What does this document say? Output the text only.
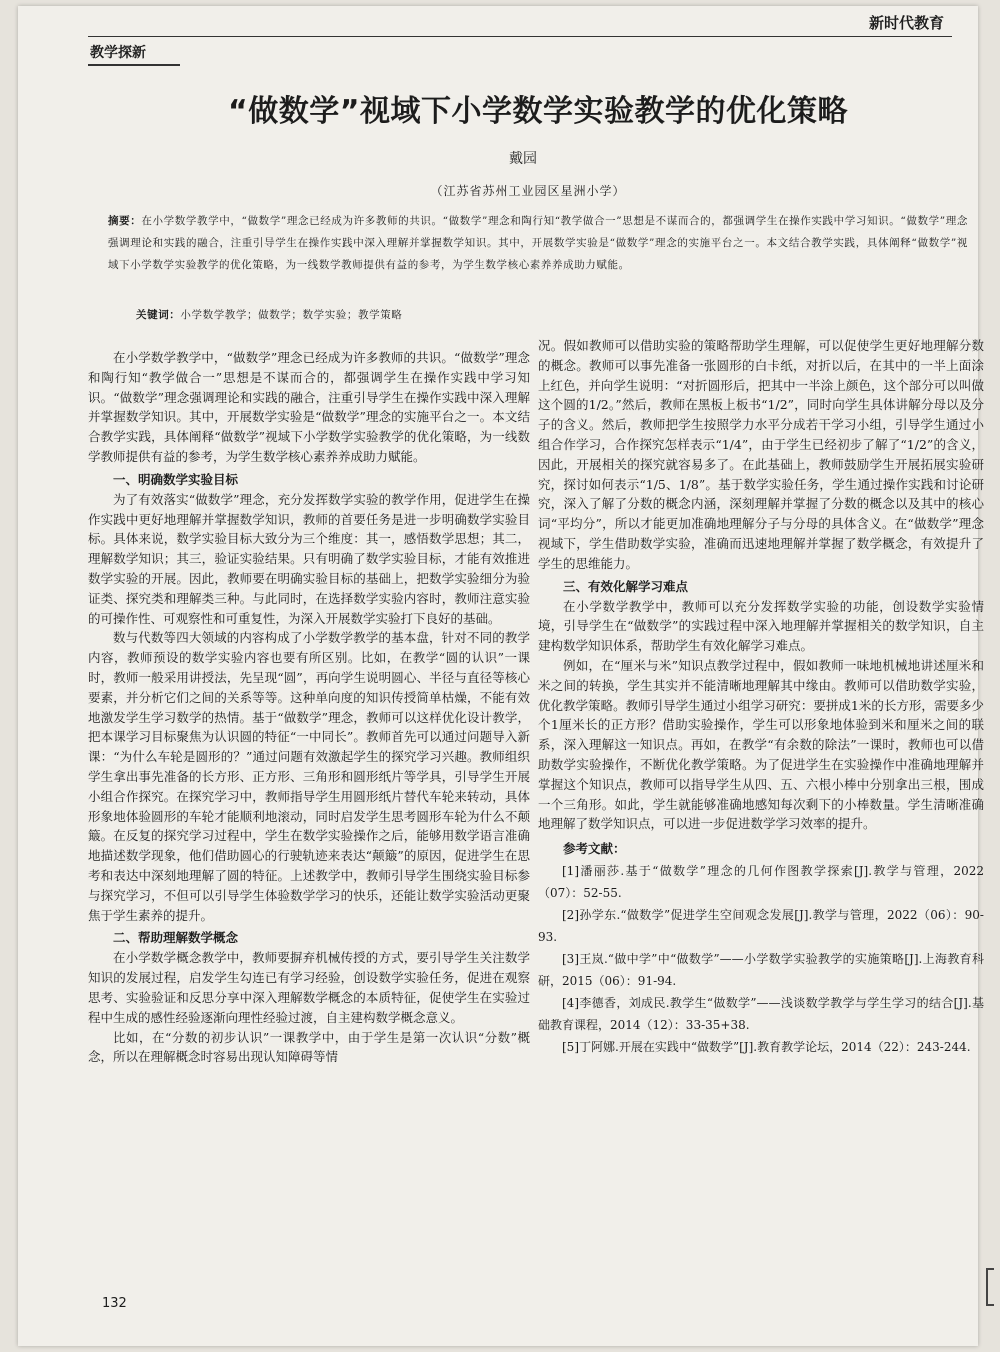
新时代教育
教学探新
“做数学”视域下小学数学实验教学的优化策略
戴园
（江苏省苏州工业园区星洲小学）
摘要：在小学数学教学中，“做数学”理念已经成为许多教师的共识。“做数学”理念和陶行知“教学做合一”思想是不谋而合的，都强调学生在操作实践中学习知识。“做数学”理念强调理论和实践的融合，注重引导学生在操作实践中深入理解并掌握数学知识。其中，开展数学实验是“做数学”理念的实施平台之一。本文结合教学实践，具体阐释“做数学”视域下小学数学实验教学的优化策略，为一线数学教师提供有益的参考，为学生数学核心素养养成助力赋能。
关键词：小学数学教学；做数学；数学实验；教学策略

在小学数学教学中，“做数学”理念已经成为许多教师的共识。“做数学”理念和陶行知“教学做合一”思想是不谋而合的，都强调学生在操作实践中学习知识。“做数学”理念强调理论和实践的融合，注重引导学生在操作实践中深入理解并掌握数学知识。其中，开展数学实验是“做数学”理念的实施平台之一。本文结合教学实践，具体阐释“做数学”视域下小学数学实验教学的优化策略，为一线数学教师提供有益的参考，为学生数学核心素养养成助力赋能。

一、明确数学实验目标

为了有效落实“做数学”理念，充分发挥数学实验的教学作用，促进学生在操作实践中更好地理解并掌握数学知识，教师的首要任务是进一步明确数学实验目标。具体来说，数学实验目标大致分为三个维度：其一，感悟数学思想；其二，理解数学知识；其三，验证实验结果。只有明确了数学实验目标，才能有效推进数学实验的开展。因此，教师要在明确实验目标的基础上，把数学实验细分为验证类、探究类和理解类三种。与此同时，在选择数学实验内容时，教师注意实验的可操作性、可观察性和可重复性，为深入开展数学实验打下良好的基础。

数与代数等四大领域的内容构成了小学数学教学的基本盘，针对不同的教学内容，教师预设的数学实验内容也要有所区别。比如，在教学“圆的认识”一课时，教师一般采用讲授法，先呈现“圆”，再向学生说明圆心、半径与直径等核心要素，并分析它们之间的关系等等。这种单向度的知识传授简单枯燥，不能有效地激发学生学习数学的热情。基于“做数学”理念，教师可以这样优化设计教学，把本课学习目标聚焦为认识圆的特征“一中同长”。教师首先可以通过问题导入新课：“为什么车轮是圆形的？”通过问题有效激起学生的探究学习兴趣。教师组织学生拿出事先准备的长方形、正方形、三角形和圆形纸片等学具，引导学生开展小组合作探究。在探究学习中，教师指导学生用圆形纸片替代车轮来转动，具体形象地体验圆形的车轮才能顺利地滚动，同时启发学生思考圆形车轮为什么不颠簸。在反复的探究学习过程中，学生在数学实验操作之后，能够用数学语言准确地描述数学现象，他们借助圆心的行驶轨迹来表达“颠簸”的原因，促进学生在思考和表达中深刻地理解了圆的特征。上述教学中，教师引导学生围绕实验目标参与探究学习，不但可以引导学生体验数学学习的快乐，还能让数学实验活动更聚焦于学生素养的提升。

二、帮助理解数学概念

在小学数学概念教学中，教师要摒弃机械传授的方式，要引导学生关注数学知识的发展过程，启发学生勾连已有学习经验，创设数学实验任务，促进在观察思考、实验验证和反思分享中深入理解数学概念的本质特征，促使学生在实验过程中生成的感性经验逐渐向理性经验过渡，自主建构数学概念意义。

比如，在“分数的初步认识”一课教学中，由于学生是第一次认识“分数”概念，所以在理解概念时容易出现认知障碍等情

况。假如教师可以借助实验的策略帮助学生理解，可以促使学生更好地理解分数的概念。教师可以事先准备一张圆形的白卡纸，对折以后，在其中的一半上面涂上红色，并向学生说明：“对折圆形后，把其中一半涂上颜色，这个部分可以叫做这个圆的1/2。”然后，教师在黑板上板书“1/2”，同时向学生具体讲解分母以及分子的含义。然后，教师把学生按照学力水平分成若干学习小组，引导学生通过小组合作学习，合作探究怎样表示“1/4”，由于学生已经初步了解了“1/2”的含义，因此，开展相关的探究就容易多了。在此基础上，教师鼓励学生开展拓展实验研究，探讨如何表示“1/5、1/8”。基于数学实验任务，学生通过操作实践和讨论研究，深入了解了分数的概念内涵，深刻理解并掌握了分数的概念以及其中的核心词“平均分”，所以才能更加准确地理解分子与分母的具体含义。在“做数学”理念视域下，学生借助数学实验，准确而迅速地理解并掌握了数学概念，有效提升了学生的思维能力。

三、有效化解学习难点

在小学数学教学中，教师可以充分发挥数学实验的功能，创设数学实验情境，引导学生在“做数学”的实践过程中深入地理解并掌握相关的数学知识，自主建构数学知识体系，帮助学生有效化解学习难点。

例如，在“厘米与米”知识点教学过程中，假如教师一味地机械地讲述厘米和米之间的转换，学生其实并不能清晰地理解其中缘由。教师可以借助数学实验，优化教学策略。教师引导学生通过小组学习研究：要拼成1米的长方形，需要多少个1厘米长的正方形？借助实验操作，学生可以形象地体验到米和厘米之间的联系，深入理解这一知识点。再如，在教学“有余数的除法”一课时，教师也可以借助数学实验操作，不断优化教学策略。为了促进学生在实验操作中准确地理解并掌握这个知识点，教师可以指导学生从四、五、六根小棒中分别拿出三根，围成一个三角形。如此，学生就能够准确地感知每次剩下的小棒数量。学生清晰准确地理解了数学知识点，可以进一步促进数学学习效率的提升。

参考文献：

[1]潘丽莎.基于“做数学”理念的几何作图教学探索[J].教学与管理，2022（07）：52-55.

[2]孙学东.“做数学”促进学生空间观念发展[J].教学与管理，2022（06）：90-93.

[3]王岚.“做中学”中“做数学”——小学数学实验教学的实施策略[J].上海教育科研，2015（06）：91-94.

[4]李德香，刘成民.教学生“做数学”——浅谈数学教学与学生学习的结合[J].基础教育课程，2014（12）：33-35+38.

[5]丁阿娜.开展在实践中“做数学”[J].教育教学论坛，2014（22）：243-244.

132
